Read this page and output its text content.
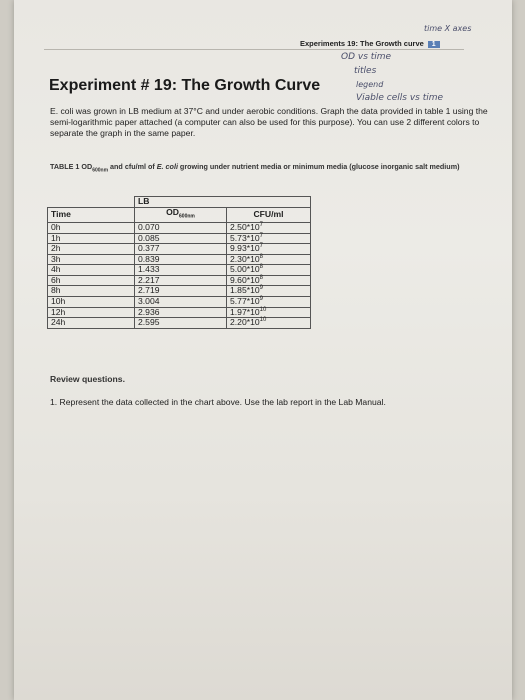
time X axes
Experiments 19: The Growth curve 1
OD vs time
titles
legend
Viable cells vs time
Experiment # 19: The Growth Curve
E. coli was grown in LB medium at 37°C and under aerobic conditions. Graph the data provided in table 1 using the semi-logarithmic paper attached (a computer can also be used for this purpose). You can use 2 different colors to separate the graph in the same paper.
TABLE 1 $OD_{600nm}$ and cfu/ml of E. coli growing under nutrient media or minimum media (glucose inorganic salt medium)
	LB	
Time	$OD_{600nm}$	CFU/ml
0h	0.070	$2.50*10^7$
1h	0.085	$5.73*10^7$
2h	0.377	$9.93*10^7$
3h	0.839	$2.30*10^8$
4h	1.433	$5.00*10^8$
6h	2.217	$9.60*10^8$
8h	2.719	$1.85*10^9$
10h	3.004	$5.77*10^9$
12h	2.936	$1.97*10^{10}$
24h	2.595	$2.20*10^{10}$
Review questions.
1. Represent the data collected in the chart above. Use the lab report in the Lab Manual.
